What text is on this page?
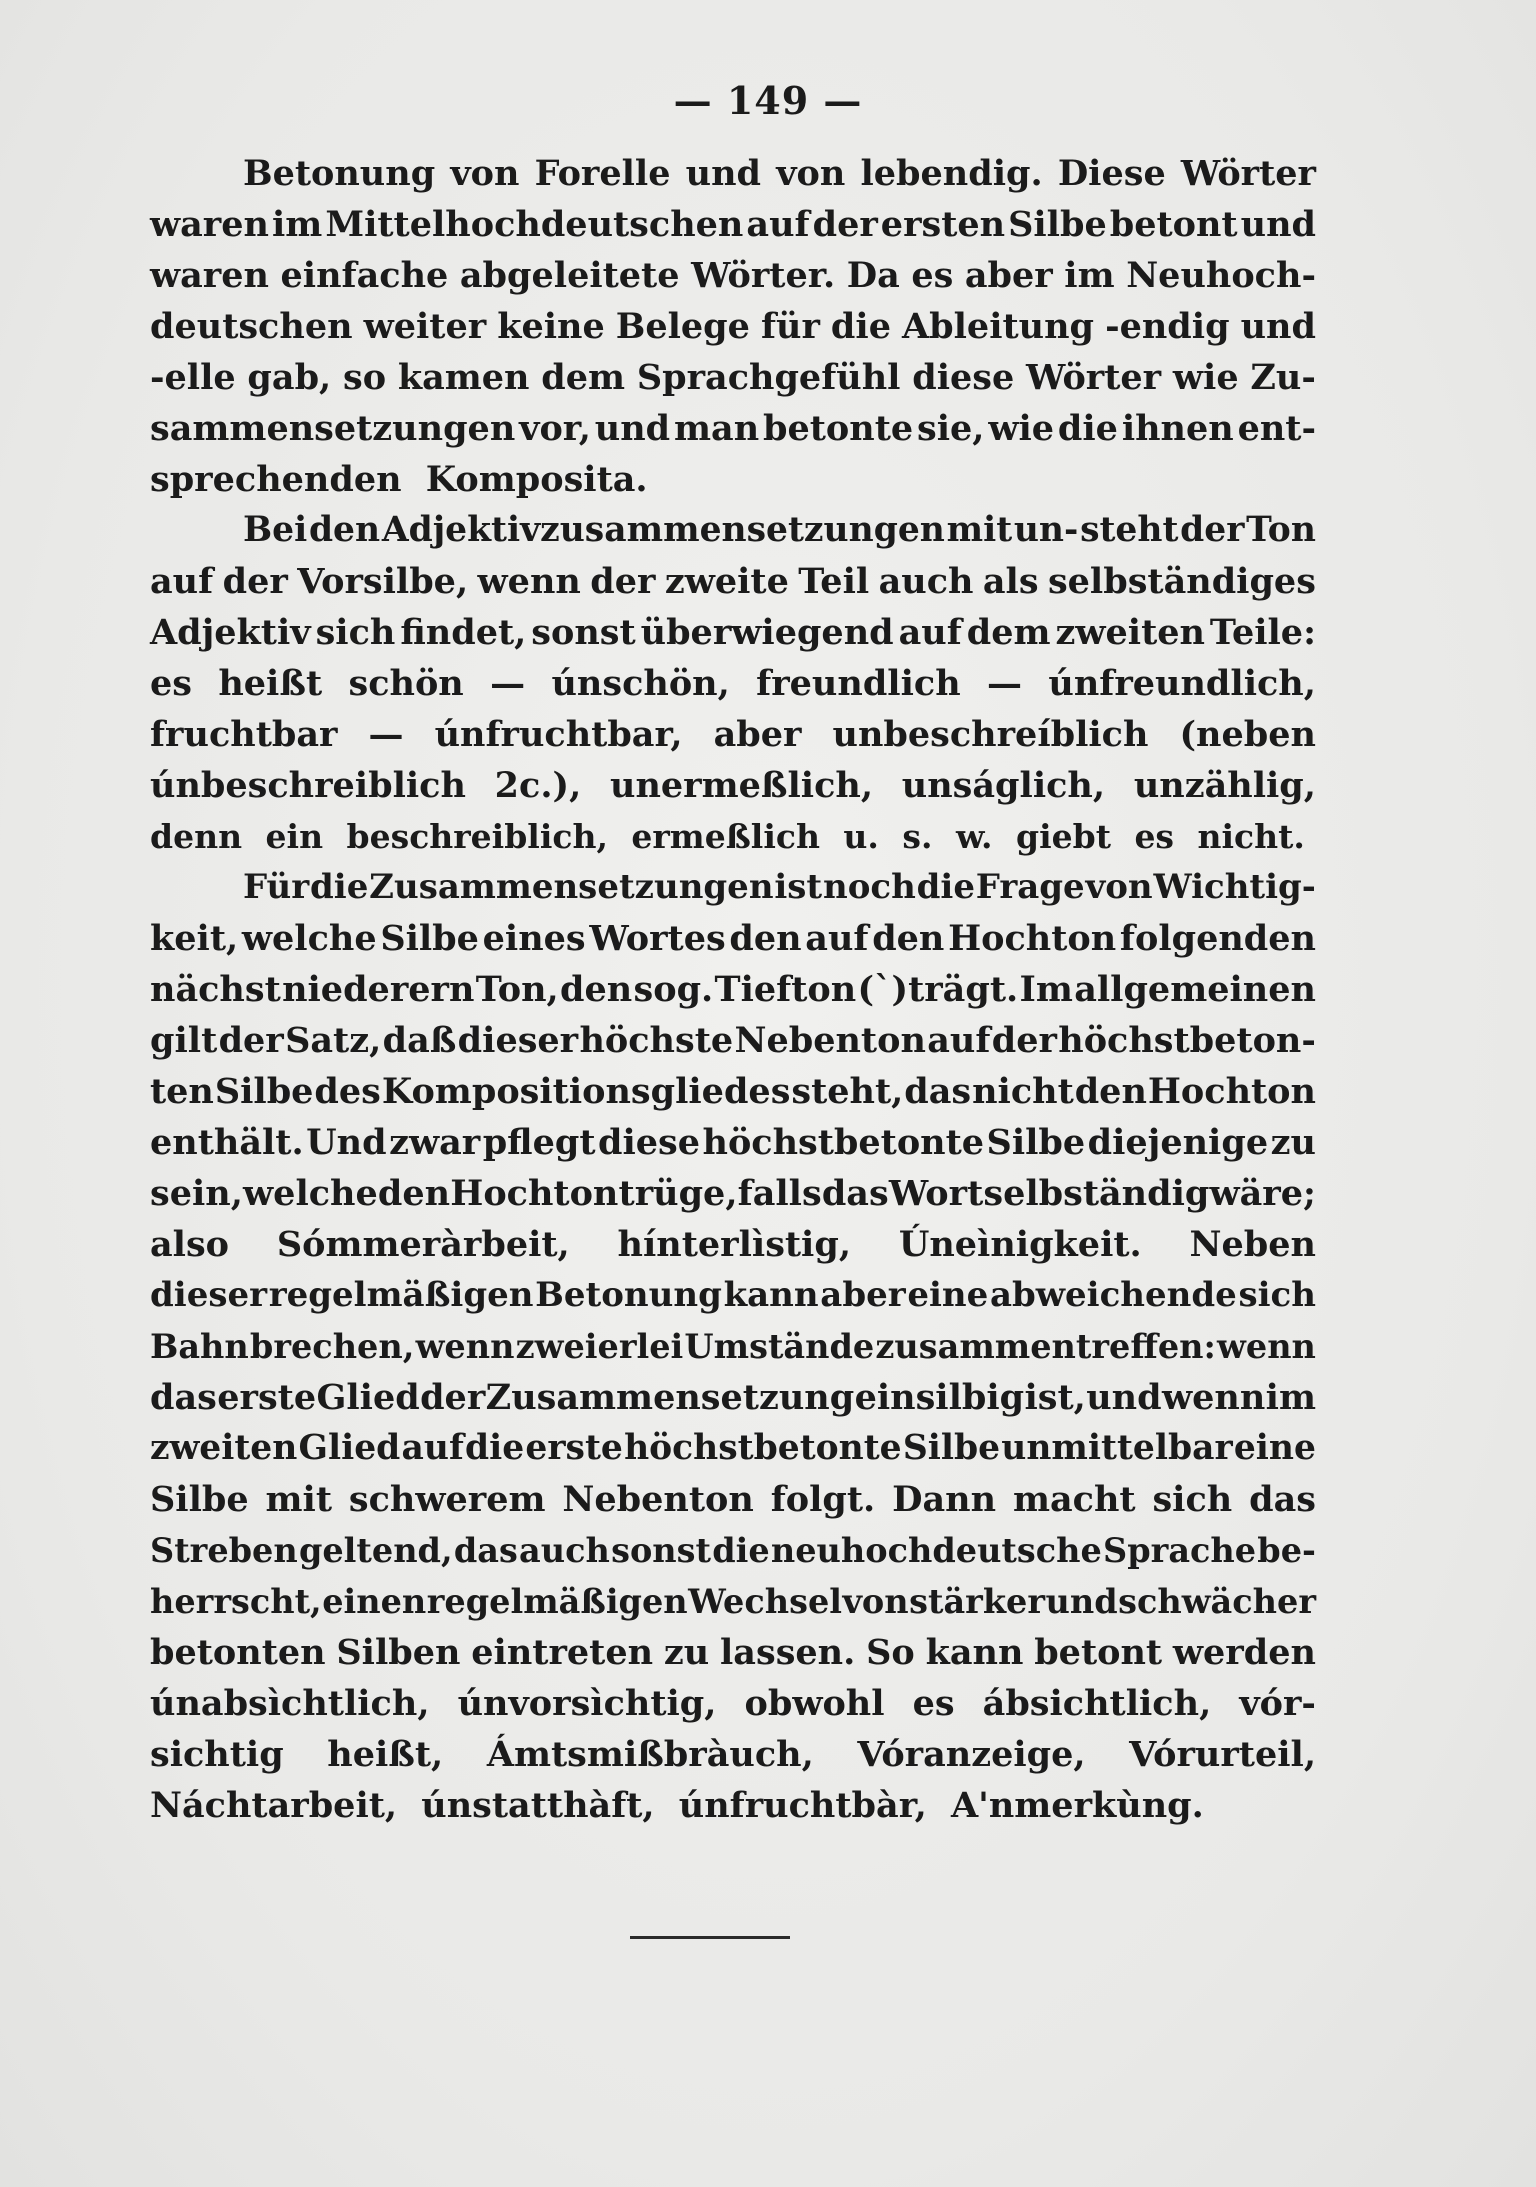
— 149 —
Betonung von Forelle und von lebendig. Diese Wörter
waren im Mittelhochdeutschen auf der ersten Silbe betont und
waren einfache abgeleitete Wörter. Da es aber im Neuhoch-
deutschen weiter keine Belege für die Ableitung -endig und
-elle gab, so kamen dem Sprachgefühl diese Wörter wie Zu-
sammensetzungen vor, und man betonte sie, wie die ihnen ent-
sprechenden Komposita.
Bei den Adjektivzusammensetzungen mit un- steht der Ton
auf der Vorsilbe, wenn der zweite Teil auch als selbständiges
Adjektiv sich findet, sonst überwiegend auf dem zweiten Teile:
es heißt schön — únschön, freundlich — únfreundlich,
fruchtbar — únfruchtbar, aber unbeschreíblich (neben
únbeschreiblich 2c.), unermeßlich, unságlich, unzählig,
denn ein beschreiblich, ermeßlich u. s. w. giebt es nicht.
Für die Zusammensetzungen ist noch die Frage von Wichtig-
keit, welche Silbe eines Wortes den auf den Hochton folgenden
nächst niederern Ton, den sog. Tiefton (`)trägt. Im allgemeinen
gilt der Satz, daß dieser höchste Nebenton auf der höchstbeton-
ten Silbe des Kompositionsgliedes steht, das nicht den Hochton
enthält. Und zwar pflegt diese höchstbetonte Silbe diejenige zu
sein, welche den Hochton trüge, falls das Wort selbständig wäre;
also Sómmeràrbeit, hínterlìstig, Úneìnigkeit. Neben
dieser regelmäßigen Betonung kann aber eine abweichende sich
Bahn brechen, wenn zweierlei Umstände zusammentreffen: wenn
das erste Glied der Zusammensetzung einsilbig ist, und wenn im
zweiten Glied auf die erste höchstbetonte Silbe unmittelbar eine
Silbe mit schwerem Nebenton folgt. Dann macht sich das
Streben geltend, das auch sonst die neuhochdeutsche Sprache be-
herrscht, einen regelmäßigen Wechsel von stärker und schwächer
betonten Silben eintreten zu lassen. So kann betont werden
únabsìchtlich, únvorsìchtig, obwohl es ábsichtlich, vór-
sichtig heißt, Ámtsmißbràuch, Vóranzeige, Vórurteil,
Náchtarbeit, únstatthàft, únfruchtbàr, A'nmerkùng.
